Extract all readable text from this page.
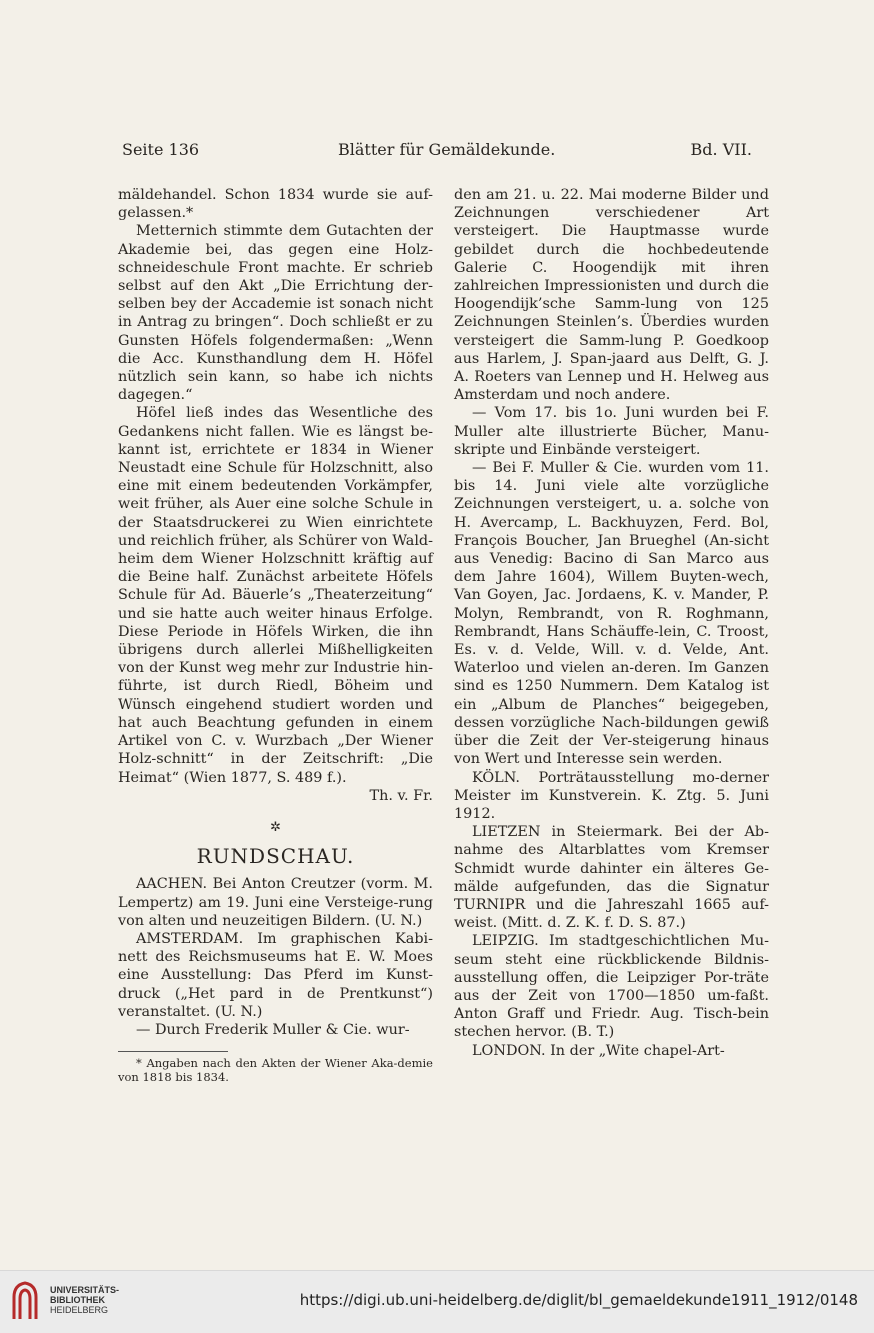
Seite 136	Blätter für Gemäldekunde.	Bd. VII.

mäldehandel. Schon 1834 wurde sie auf-gelassen.*

Metternich stimmte dem Gutachten der Akademie bei, das gegen eine Holz-schneideschule Front machte. Er schrieb selbst auf den Akt „Die Errichtung der-selben bey der Accademie ist sonach nicht in Antrag zu bringen“. Doch schließt er zu Gunsten Höfels folgendermaßen: „Wenn die Acc. Kunsthandlung dem H. Höfel nützlich sein kann, so habe ich nichts dagegen.“

Höfel ließ indes das Wesentliche des Gedankens nicht fallen. Wie es längst be-kannt ist, errichtete er 1834 in Wiener Neustadt eine Schule für Holzschnitt, also eine mit einem bedeutenden Vorkämpfer, weit früher, als Auer eine solche Schule in der Staatsdruckerei zu Wien einrichtete und reichlich früher, als Schürer von Wald-heim dem Wiener Holzschnitt kräftig auf die Beine half. Zunächst arbeitete Höfels Schule für Ad. Bäuerle’s „Theaterzeitung“ und sie hatte auch weiter hinaus Erfolge. Diese Periode in Höfels Wirken, die ihn übrigens durch allerlei Mißhelligkeiten von der Kunst weg mehr zur Industrie hin-führte, ist durch Riedl, Böheim und Wünsch eingehend studiert worden und hat auch Beachtung gefunden in einem Artikel von C. v. Wurzbach „Der Wiener Holz-schnitt“ in der Zeitschrift: „Die Heimat“ (Wien 1877, S. 489 f.).

Th. v. Fr.

✲
RUNDSCHAU.

AACHEN. Bei Anton Creutzer (vorm. M. Lempertz) am 19. Juni eine Versteige-rung von alten und neuzeitigen Bildern. (U. N.)

AMSTERDAM. Im graphischen Kabi-nett des Reichsmuseums hat E. W. Moes eine Ausstellung: Das Pferd im Kunst-druck („Het pard in de Prentkunst“) veranstaltet. (U. N.)

— Durch Frederik Muller & Cie. wur-

* Angaben nach den Akten der Wiener Aka-demie von 1818 bis 1834.

den am 21. u. 22. Mai moderne Bilder und Zeichnungen verschiedener Art versteigert. Die Hauptmasse wurde gebildet durch die hochbedeutende Galerie C. Hoogendijk mit ihren zahlreichen Impressionisten und durch die Hoogendijk’sche Samm-lung von 125 Zeichnungen Steinlen’s. Überdies wurden versteigert die Samm-lung P. Goedkoop aus Harlem, J. Span-jaard aus Delft, G. J. A. Roeters van Lennep und H. Helweg aus Amsterdam und noch andere.

— Vom 17. bis 1o. Juni wurden bei F. Muller alte illustrierte Bücher, Manu-skripte und Einbände versteigert.

— Bei F. Muller & Cie. wurden vom 11. bis 14. Juni viele alte vorzügliche Zeichnungen versteigert, u. a. solche von H. Avercamp, L. Backhuyzen, Ferd. Bol, François Boucher, Jan Brueghel (An-sicht aus Venedig: Bacino di San Marco aus dem Jahre 1604), Willem Buyten-wech, Van Goyen, Jac. Jordaens, K. v. Mander, P. Molyn, Rembrandt, von R. Roghmann, Rembrandt, Hans Schäuffe-lein, C. Troost, Es. v. d. Velde, Will. v. d. Velde, Ant. Waterloo und vielen an-deren. Im Ganzen sind es 1250 Nummern. Dem Katalog ist ein „Album de Planches“ beigegeben, dessen vorzügliche Nach-bildungen gewiß über die Zeit der Ver-steigerung hinaus von Wert und Interesse sein werden.

KÖLN. Porträtausstellung mo-derner Meister im Kunstverein. K. Ztg. 5. Juni 1912.

LIETZEN in Steiermark. Bei der Ab-nahme des Altarblattes vom Kremser Schmidt wurde dahinter ein älteres Ge-mälde aufgefunden, das die Signatur TURNIPR und die Jahreszahl 1665 auf-weist. (Mitt. d. Z. K. f. D. S. 87.)

LEIPZIG. Im stadtgeschichtlichen Mu-seum steht eine rückblickende Bildnis-ausstellung offen, die Leipziger Por-träte aus der Zeit von 1700—1850 um-faßt. Anton Graff und Friedr. Aug. Tisch-bein stechen hervor. (B. T.)

LONDON. In der „Wite chapel-Art-

UNIVERSITÄTS-
BIBLIOTHEK
HEIDELBERG
https://digi.ub.uni-heidelberg.de/diglit/bl_gemaeldekunde1911_1912/0148
